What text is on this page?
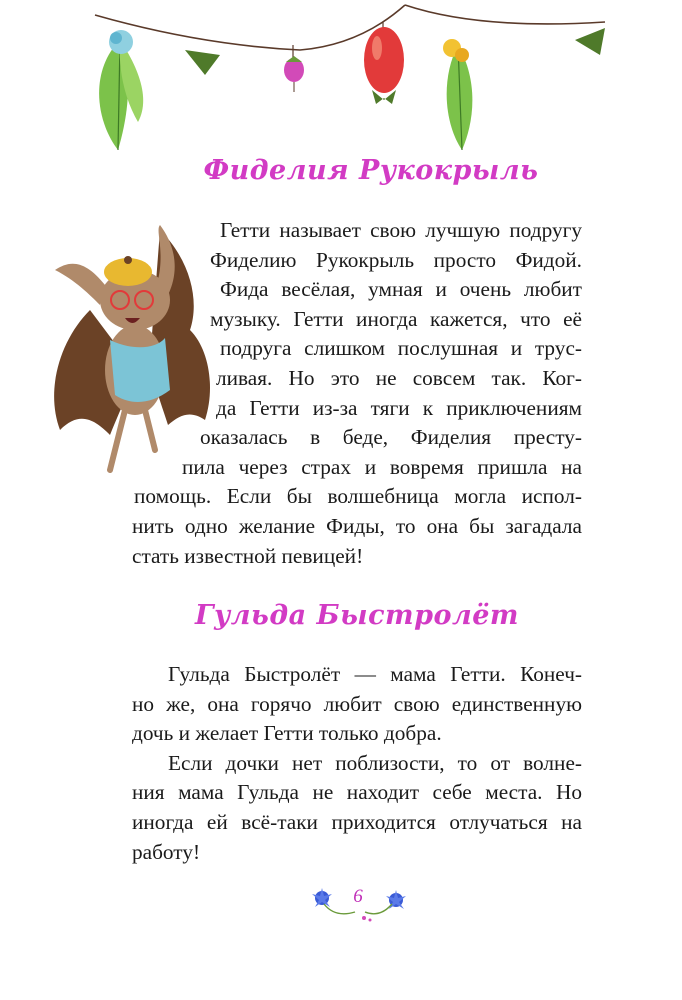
Фиделия Рукокрыль
Гетти называет свою лучшую подругу
Фиделию Рукокрыль просто Фидой.
Фида весёлая, умная и очень любит
музыку. Гетти иногда кажется, что её
подруга слишком послушная и трус-
ливая. Но это не совсем так. Ког-
да Гетти из-за тяги к приключениям
оказалась в беде, Фиделия престу-
пила через страх и вовремя пришла на
помощь. Если бы волшебница могла испол-
нить одно желание Фиды, то она бы загадала
стать известной певицей!
Гульда Быстролёт
Гульда Быстролёт — мама Гетти. Конеч-
но же, она горячо любит свою единственную
дочь и желает Гетти только добра.
Если дочки нет поблизости, то от волне-
ния мама Гульда не находит себе места. Но
иногда ей всё-таки приходится отлучаться на
работу!

6
